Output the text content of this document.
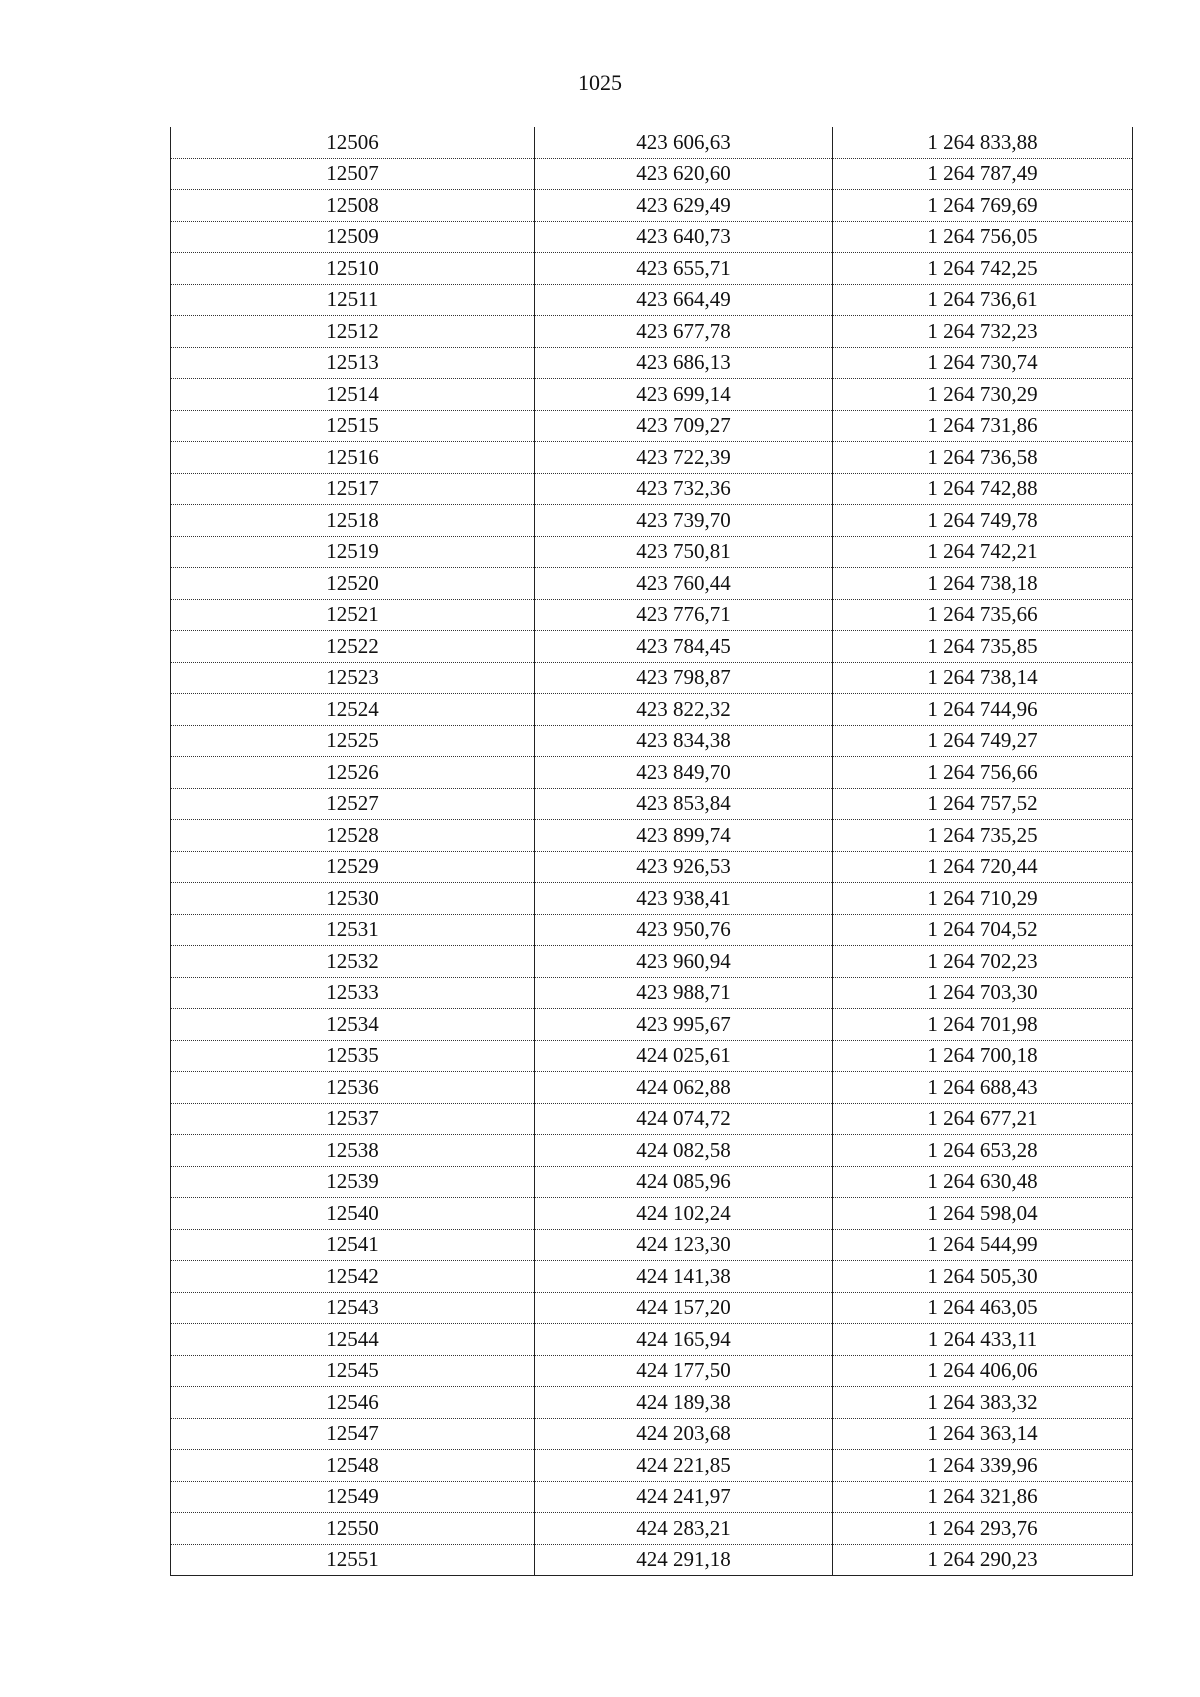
1025
12506	423 606,63	1 264 833,88
12507	423 620,60	1 264 787,49
12508	423 629,49	1 264 769,69
12509	423 640,73	1 264 756,05
12510	423 655,71	1 264 742,25
12511	423 664,49	1 264 736,61
12512	423 677,78	1 264 732,23
12513	423 686,13	1 264 730,74
12514	423 699,14	1 264 730,29
12515	423 709,27	1 264 731,86
12516	423 722,39	1 264 736,58
12517	423 732,36	1 264 742,88
12518	423 739,70	1 264 749,78
12519	423 750,81	1 264 742,21
12520	423 760,44	1 264 738,18
12521	423 776,71	1 264 735,66
12522	423 784,45	1 264 735,85
12523	423 798,87	1 264 738,14
12524	423 822,32	1 264 744,96
12525	423 834,38	1 264 749,27
12526	423 849,70	1 264 756,66
12527	423 853,84	1 264 757,52
12528	423 899,74	1 264 735,25
12529	423 926,53	1 264 720,44
12530	423 938,41	1 264 710,29
12531	423 950,76	1 264 704,52
12532	423 960,94	1 264 702,23
12533	423 988,71	1 264 703,30
12534	423 995,67	1 264 701,98
12535	424 025,61	1 264 700,18
12536	424 062,88	1 264 688,43
12537	424 074,72	1 264 677,21
12538	424 082,58	1 264 653,28
12539	424 085,96	1 264 630,48
12540	424 102,24	1 264 598,04
12541	424 123,30	1 264 544,99
12542	424 141,38	1 264 505,30
12543	424 157,20	1 264 463,05
12544	424 165,94	1 264 433,11
12545	424 177,50	1 264 406,06
12546	424 189,38	1 264 383,32
12547	424 203,68	1 264 363,14
12548	424 221,85	1 264 339,96
12549	424 241,97	1 264 321,86
12550	424 283,21	1 264 293,76
12551	424 291,18	1 264 290,23
